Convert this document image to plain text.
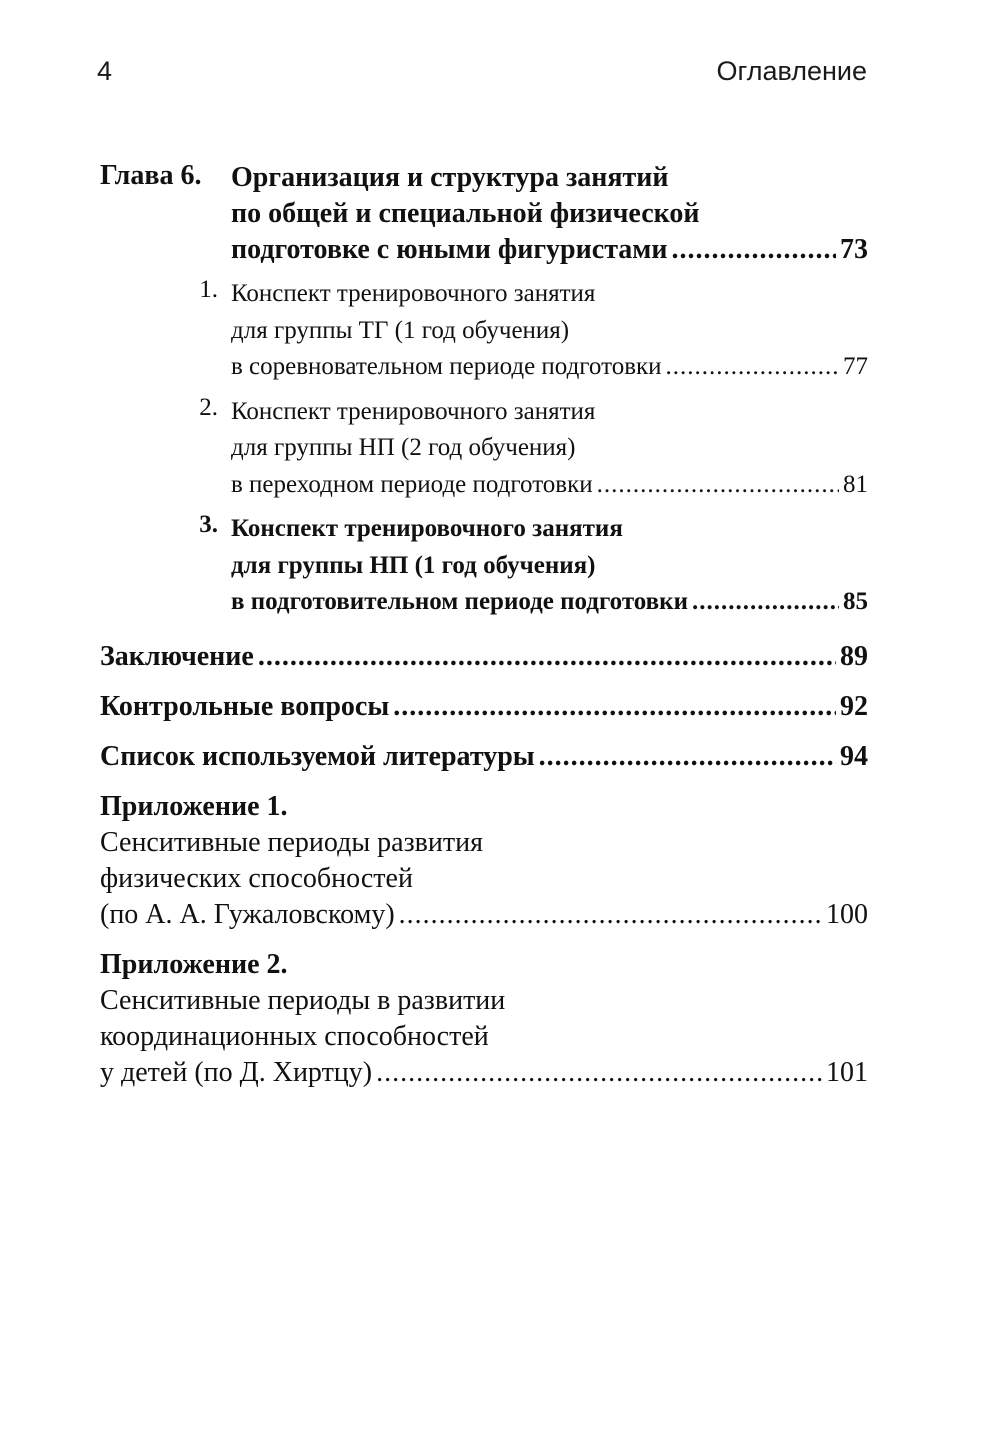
4	Оглавление
Глава 6.	Организация и структура занятий
по общей и специальной физической
подготовке с юными фигуристами .....	73
1. Конспект тренировочного занятия
для группы ТГ (1 год обучения)
в соревновательном периоде подготовки .....	77
2. Конспект тренировочного занятия
для группы НП (2 год обучения)
в переходном периоде подготовки .....	81
3. Конспект тренировочного занятия
для группы НП (1 год обучения)
в подготовительном периоде подготовки .....	85
Заключение .....	89
Контрольные вопросы .....	92
Список используемой литературы .....	94
Приложение 1.
Сенситивные периоды развития
физических способностей
(по А. А. Гужаловскому) .....	100
Приложение 2.
Сенситивные периоды в развитии
координационных способностей
у детей (по Д. Хиртцу) .....	101
